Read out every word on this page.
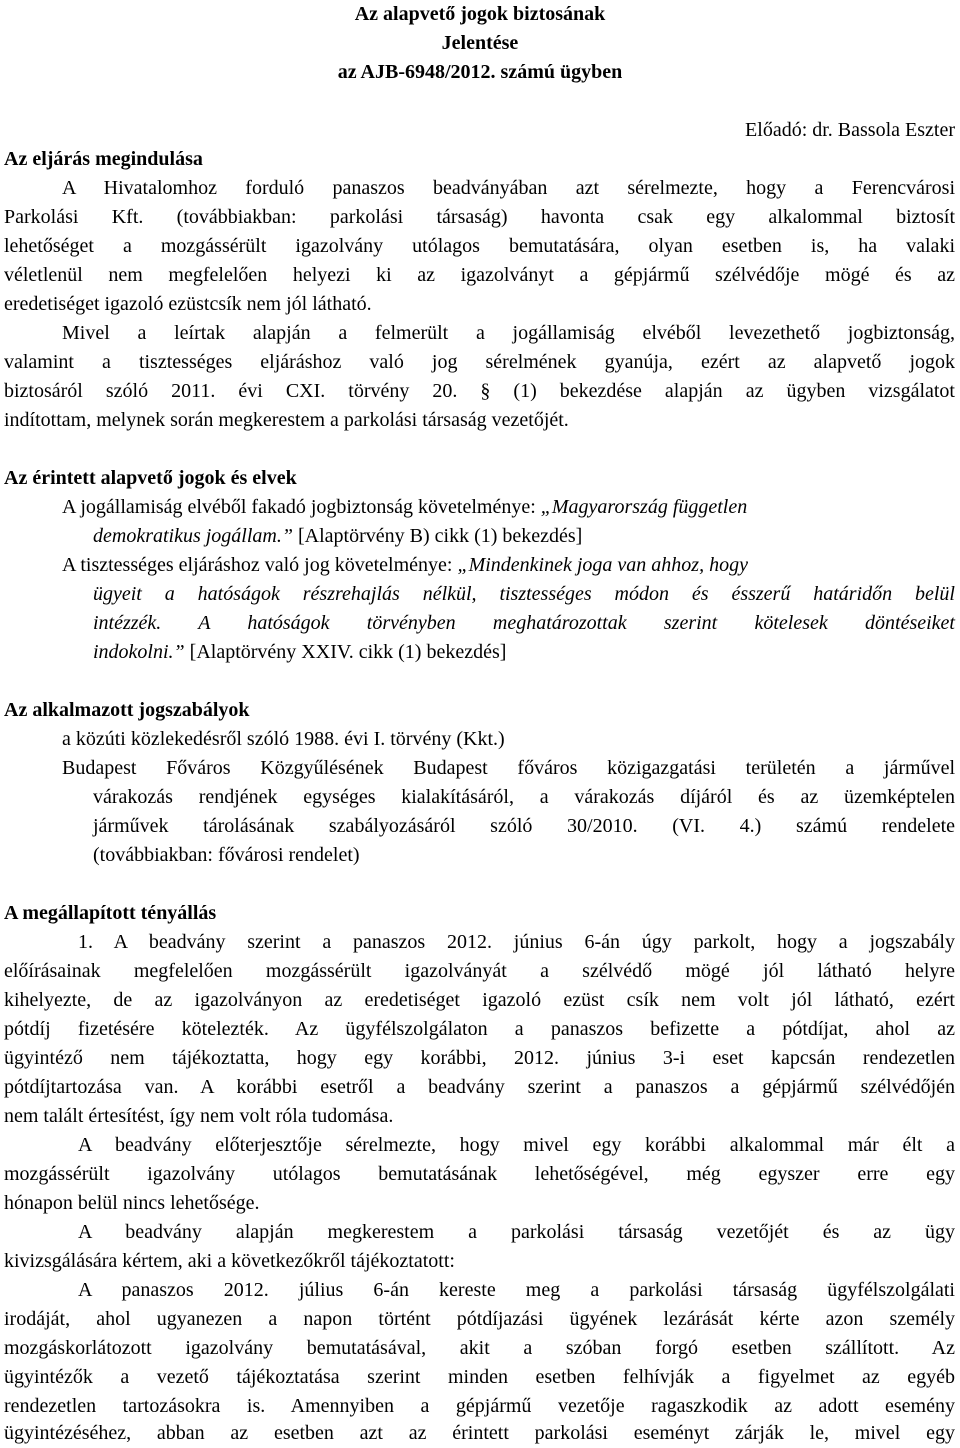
Az alapvető jogok biztosának
Jelentése
az AJB-6948/2012. számú ügyben
Előadó: dr. Bassola Eszter
Az eljárás megindulása
A Hivatalomhoz forduló panaszos beadványában azt sérelmezte, hogy a Ferencvárosi
Parkolási Kft. (továbbiakban: parkolási társaság) havonta csak egy alkalommal biztosít
lehetőséget a mozgássérült igazolvány utólagos bemutatására, olyan esetben is, ha valaki
véletlenül nem megfelelően helyezi ki az igazolványt a gépjármű szélvédője mögé és az
eredetiséget igazoló ezüstcsík nem jól látható.
Mivel a leírtak alapján a felmerült a jogállamiság elvéből levezethető jogbiztonság,
valamint a tisztességes eljáráshoz való jog sérelmének gyanúja, ezért az alapvető jogok
biztosáról szóló 2011. évi CXI. törvény 20. § (1) bekezdése alapján az ügyben vizsgálatot
indítottam, melynek során megkerestem a parkolási társaság vezetőjét.
Az érintett alapvető jogok és elvek
A jogállamiság elvéből fakadó jogbiztonság követelménye: „Magyarország független
demokratikus jogállam.” [Alaptörvény B) cikk (1) bekezdés]
A tisztességes eljáráshoz való jog követelménye: „Mindenkinek joga van ahhoz, hogy
ügyeit a hatóságok részrehajlás nélkül, tisztességes módon és ésszerű határidőn belül
intézzék. A hatóságok törvényben meghatározottak szerint kötelesek döntéseiket
indokolni.” [Alaptörvény XXIV. cikk (1) bekezdés]
Az alkalmazott jogszabályok
a közúti közlekedésről szóló 1988. évi I. törvény (Kkt.)
Budapest Főváros Közgyűlésének Budapest főváros közigazgatási területén a járművel
várakozás rendjének egységes kialakításáról, a várakozás díjáról és az üzemképtelen
járművek tárolásának szabályozásáról szóló 30/2010. (VI. 4.) számú rendelete
(továbbiakban: fővárosi rendelet)
A megállapított tényállás
1. A beadvány szerint a panaszos 2012. június 6-án úgy parkolt, hogy a jogszabály
előírásainak megfelelően mozgássérült igazolványát a szélvédő mögé jól látható helyre
kihelyezte, de az igazolványon az eredetiséget igazoló ezüst csík nem volt jól látható, ezért
pótdíj fizetésére kötelezték. Az ügyfélszolgálaton a panaszos befizette a pótdíjat, ahol az
ügyintéző nem tájékoztatta, hogy egy korábbi, 2012. június 3-i eset kapcsán rendezetlen
pótdíjtartozása van. A korábbi esetről a beadvány szerint a panaszos a gépjármű szélvédőjén
nem talált értesítést, így nem volt róla tudomása.
A beadvány előterjesztője sérelmezte, hogy mivel egy korábbi alkalommal már élt a
mozgássérült igazolvány utólagos bemutatásának lehetőségével, még egyszer erre egy
hónapon belül nincs lehetősége.
A beadvány alapján megkerestem a parkolási társaság vezetőjét és az ügy
kivizsgálására kértem, aki a következőkről tájékoztatott:
A panaszos 2012. július 6-án kereste meg a parkolási társaság ügyfélszolgálati
irodáját, ahol ugyanezen a napon történt pótdíjazási ügyének lezárását kérte azon személy
mozgáskorlátozott igazolvány bemutatásával, akit a szóban forgó esetben szállított. Az
ügyintézők a vezető tájékoztatása szerint minden esetben felhívják a figyelmet az egyéb
rendezetlen tartozásokra is. Amennyiben a gépjármű vezetője ragaszkodik az adott esemény
ügyintézéséhez, abban az esetben azt az érintett parkolási eseményt zárják le, mivel egy
